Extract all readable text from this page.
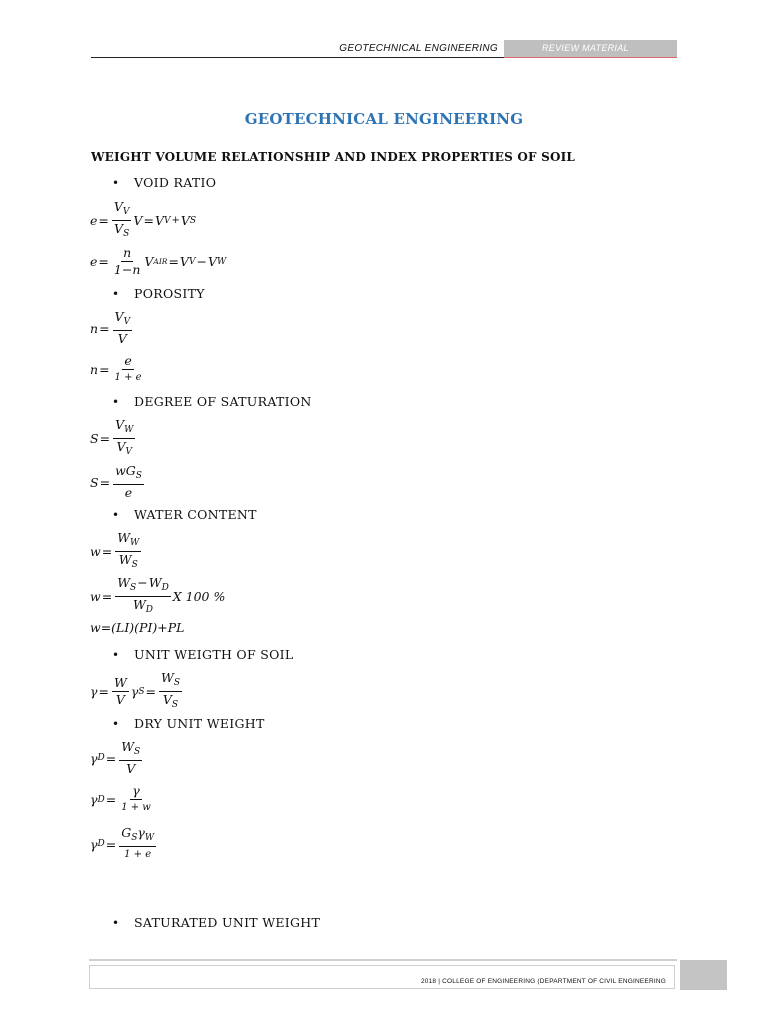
GEOTECHNICAL ENGINEERING	REVIEW MATERIAL
GEOTECHNICAL ENGINEERING
WEIGHT VOLUME RELATIONSHIP AND INDEX PROPERTIES OF SOIL
• VOID RATIO
$e = \frac{V_V}{V_S}$ V = V V + V S
$e = \frac{n}{1-n}$ V AIR = V V − V W
• POROSITY
$n = \frac{V_V}{V}$
$n = \frac{e}{1 + e}$
• DEGREE OF SATURATION
$S = \frac{V_W}{V_V}$
$S = \frac{wG_S}{e}$
• WATER CONTENT
$w = \frac{W_W}{W_S}$
$w = \frac{W_S-W_D}{W_D}$ X 100 %
w=(LI)(PI)+PL
• UNIT WEIGTH OF SOIL
$\gamma = \frac{W}{V}$ γ $S = \frac{W_S}{V_S}$
• DRY UNIT WEIGHT
γ $D = \frac{W_S}{V}$
γ $D = \frac{\gamma}{1 + w}$
γ $D = \frac{G_S\gamma_W}{1 + e}$
• SATURATED UNIT WEIGHT
2018 | COLLEGE OF ENGINEERING (DEPARTMENT OF CIVIL ENGINEERING
